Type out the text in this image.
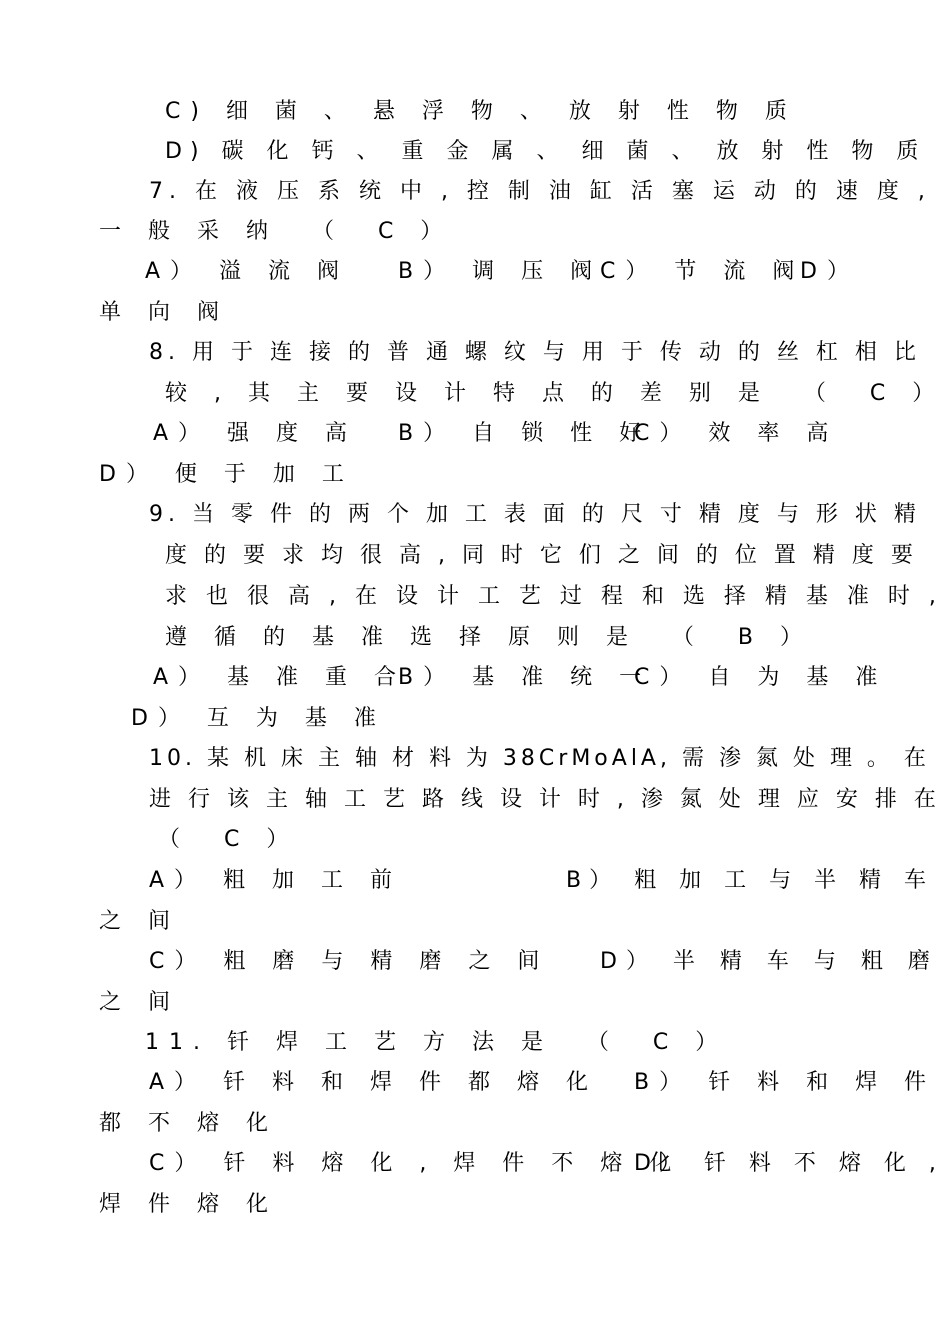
C) 细 菌 、 悬 浮 物 、 放 射 性 物 质
D) 碳 化 钙 、 重 金 属 、 细 菌 、 放 射 性 物 质
7. 在 液 压 系 统 中 , 控 制 油 缸 活 塞 运 动 的 速 度 ,
一 般 采 纳  （  C ）
A） 溢 流 阀 B） 调 压 阀
C） 节 流 阀
D）
单 向 阀
8. 用 于 连 接 的 普 通 螺 纹 与 用 于 传 动 的 丝 杠 相 比
较 , 其 主 要 设 计 特 点 的 差 别 是  （  C ）
A） 强 度 高 B） 自 锁 性 好
C） 效 率 高
D） 便 于 加 工
9. 当 零 件 的 两 个 加 工 表 面 的 尺 寸 精 度 与 形 状 精
度 的 要 求 均 很 高 , 同 时 它 们 之 间 的 位 置 精 度 要
求 也 很 高 , 在 设 计 工 艺 过 程 和 选 择 精 基 准 时 ,
遵 循 的 基 准 选 择 原 则 是  （  B ）
A） 基 准 重 合
B） 基 准 统 一
C） 自 为 基 准
D） 互 为 基 准
10. 某 机 床 主 轴 材 料 为 38CrMoAlA, 需 渗 氮 处 理 。 在
进 行 该 主 轴 工 艺 路 线 设 计 时 , 渗 氮 处 理 应 安 排 在
（  C ）
A） 粗 加 工 前	B） 粗 加 工 与 半 精 车
之 间
C） 粗 磨 与 精 磨 之 间 D） 半 精 车 与 粗 磨
之 间
11. 钎 焊 工 艺 方 法 是  （  C ）
A） 钎 料 和 焊 件 都 熔 化 B） 钎 料 和 焊 件
都 不 熔 化
C） 钎 料 熔 化 , 焊 件 不 熔 化
D） 钎 料 不 熔 化 ,
焊 件 熔 化
